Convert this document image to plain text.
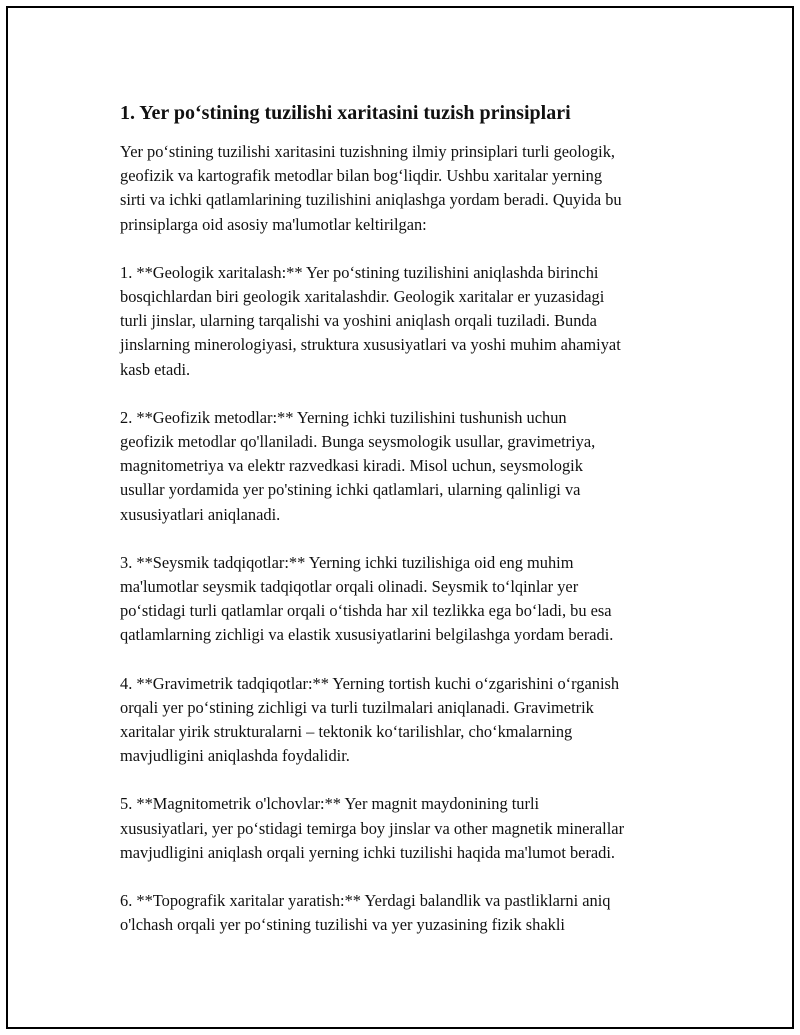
1. Yer po‘stining tuzilishi xaritasini tuzish prinsiplari
Yer po‘stining tuzilishi xaritasini tuzishning ilmiy prinsiplari turli geologik,
geofizik va kartografik metodlar bilan bog‘liqdir. Ushbu xaritalar yerning
sirti va ichki qatlamlarining tuzilishini aniqlashga yordam beradi. Quyida bu
prinsiplarga oid asosiy ma'lumotlar keltirilgan:
1. **Geologik xaritalash:** Yer po‘stining tuzilishini aniqlashda birinchi
bosqichlardan biri geologik xaritalashdir. Geologik xaritalar er yuzasidagi
turli jinslar, ularning tarqalishi va yoshini aniqlash orqali tuziladi. Bunda
jinslarning minerologiyasi, struktura xususiyatlari va yoshi muhim ahamiyat
kasb etadi.
2. **Geofizik metodlar:** Yerning ichki tuzilishini tushunish uchun
geofizik metodlar qo'llaniladi. Bunga seysmologik usullar, gravimetriya,
magnitometriya va elektr razvedkasi kiradi. Misol uchun, seysmologik
usullar yordamida yer po'stining ichki qatlamlari, ularning qalinligi va
xususiyatlari aniqlanadi.
3. **Seysmik tadqiqotlar:** Yerning ichki tuzilishiga oid eng muhim
ma'lumotlar seysmik tadqiqotlar orqali olinadi. Seysmik to‘lqinlar yer
po‘stidagi turli qatlamlar orqali o‘tishda har xil tezlikka ega bo‘ladi, bu esa
qatlamlarning zichligi va elastik xususiyatlarini belgilashga yordam beradi.
4. **Gravimetrik tadqiqotlar:** Yerning tortish kuchi o‘zgarishini o‘rganish
orqali yer po‘stining zichligi va turli tuzilmalari aniqlanadi. Gravimetrik
xaritalar yirik strukturalarni – tektonik ko‘tarilishlar, cho‘kmalarning
mavjudligini aniqlashda foydalidir.
5. **Magnitometrik o'lchovlar:** Yer magnit maydonining turli
xususiyatlari, yer po‘stidagi temirga boy jinslar va other magnetik minerallar
mavjudligini aniqlash orqali yerning ichki tuzilishi haqida ma'lumot beradi.
6. **Topografik xaritalar yaratish:** Yerdagi balandlik va pastliklarni aniq
o'lchash orqali yer po‘stining tuzilishi va yer yuzasining fizik shakli
